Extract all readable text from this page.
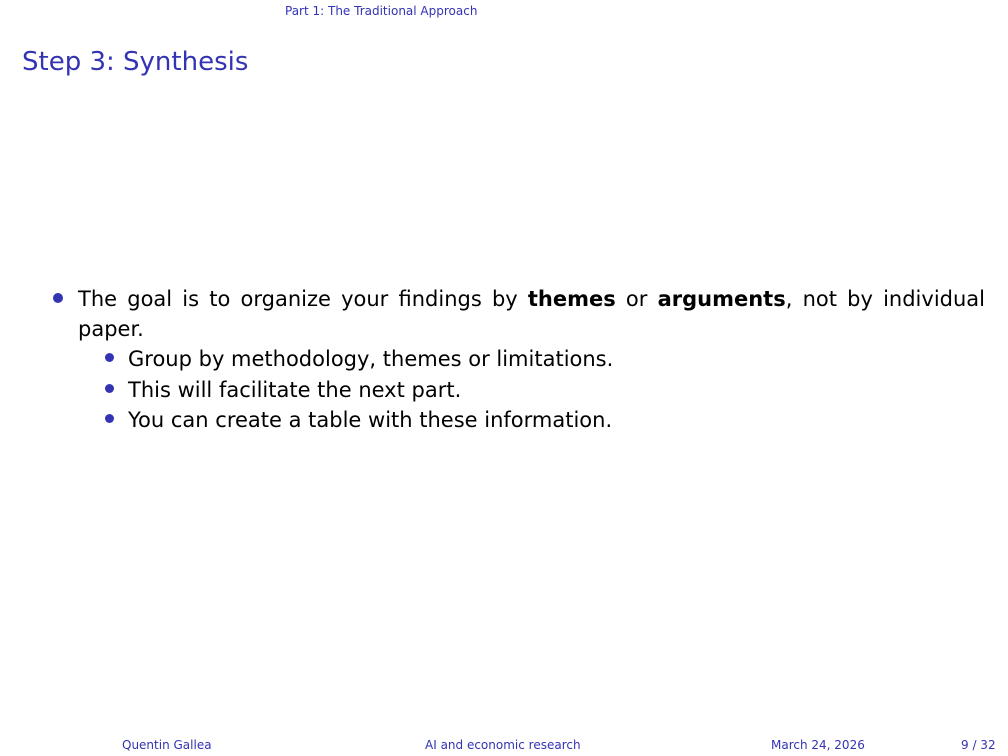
Part 1: The Traditional Approach
Step 3: Synthesis
The goal is to organize your findings by themes or arguments, not by individual paper.
Group by methodology, themes or limitations.
This will facilitate the next part.
You can create a table with these information.
Quentin Gallea	AI and economic research	March 24, 2026	9 / 32
